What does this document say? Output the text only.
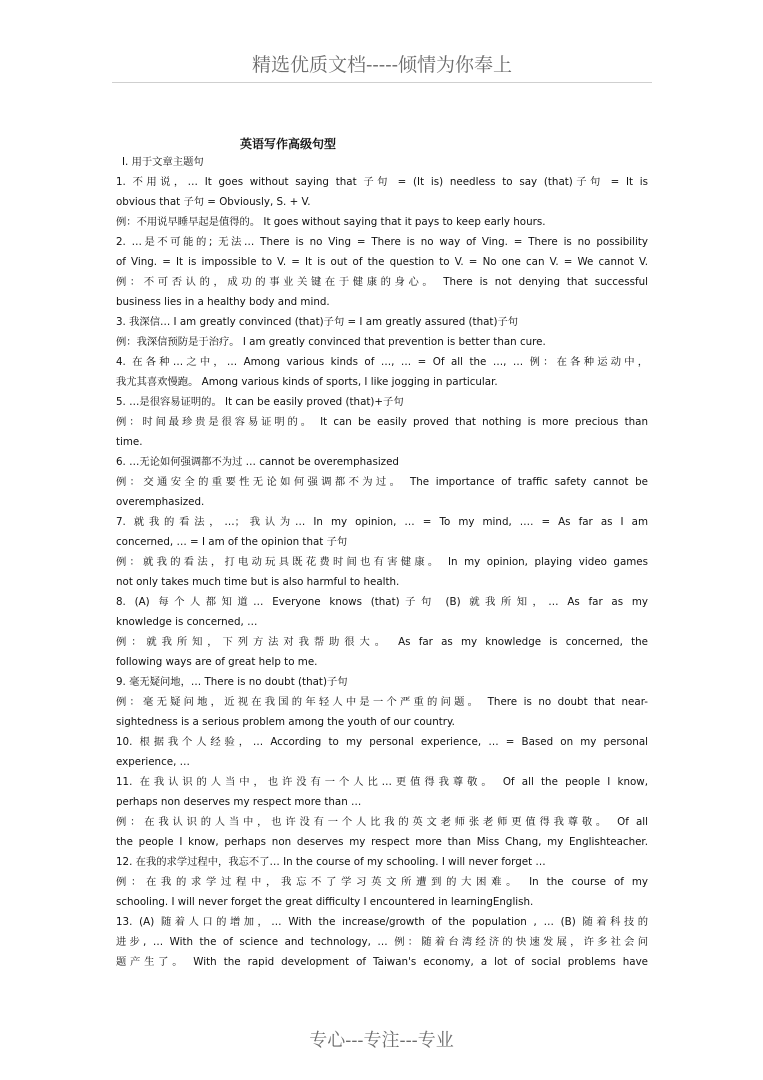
精选优质文档-----倾情为你奉上
英语写作高级句型

I. 用于文章主题句

1. 不用说，… It goes without saying that 子句 = (It is) needless to say (that)子句 = It is

obvious that 子句 = Obviously, S. + V.

例：不用说早睡早起是值得的。 It goes without saying that it pays to keep early hours.

2. …是不可能的; 无法… There is no Ving = There is no way of Ving. = There is no possibility

of Ving. = It is impossible to V. = It is out of the question to V. = No one can V. = We cannot V.

例：不可否认的，成功的事业关键在于健康的身心。 There is not denying that successful

business lies in a healthy body and mind.

3. 我深信… I am greatly convinced (that)子句 = I am greatly assured (that)子句

例：我深信预防是于治疗。 I am greatly convinced that prevention is better than cure.

4. 在各种…之中，… Among various kinds of …, … = Of all the …, … 例：在各种运动中，

我尤其喜欢慢跑。 Among various kinds of sports, I like jogging in particular.

5. …是很容易证明的。 It can be easily proved (that)+子句

例：时间最珍贵是很容易证明的。 It can be easily proved that nothing is more precious than

time.

6. …无论如何强调都不为过 … cannot be overemphasized

例：交通安全的重要性无论如何强调都不为过。 The importance of traffic safety cannot be

overemphasized.

7. 就我的看法，…；我认为… In my opinion, … = To my mind, …. = As far as I am

concerned, … = I am of the opinion that 子句

例：就我的看法，打电动玩具既花费时间也有害健康。 In my opinion, playing video games

not only takes much time but is also harmful to health.

8. (A) 每个人都知道… Everyone knows (that)子句 (B) 就我所知，… As far as my

knowledge is concerned, …

例：就我所知，下列方法对我帮助很大。 As far as my knowledge is concerned, the

following ways are of great help to me.

9. 毫无疑问地，… There is no doubt (that)子句

例：毫无疑问地，近视在我国的年轻人中是一个严重的问题。 There is no doubt that near-

sightedness is a serious problem among the youth of our country.

10. 根据我个人经验，… According to my personal experience, … = Based on my personal

experience, …

11. 在我认识的人当中，也许没有一个人比…更值得我尊敬。 Of all the people I know,

perhaps non deserves my respect more than …

例：在我认识的人当中，也许没有一个人比我的英文老师张老师更值得我尊敬。 Of all

the people I know, perhaps non deserves my respect more than Miss Chang, my Englishteacher.

12. 在我的求学过程中，我忘不了… In the course of my schooling. I will never forget …

例：在我的求学过程中，我忘不了学习英文所遭到的大困难。 In the course of my

schooling. I will never forget the great difficulty I encountered in learningEnglish.

13. (A) 随着人口的增加，… With the increase/growth of the population , … (B) 随着科技的

进步, … With the of science and technology, … 例：随着台湾经济的快速发展，许多社会问

题产生了。 With the rapid development of Taiwan's economy, a lot of social problems have

专心---专注---专业
